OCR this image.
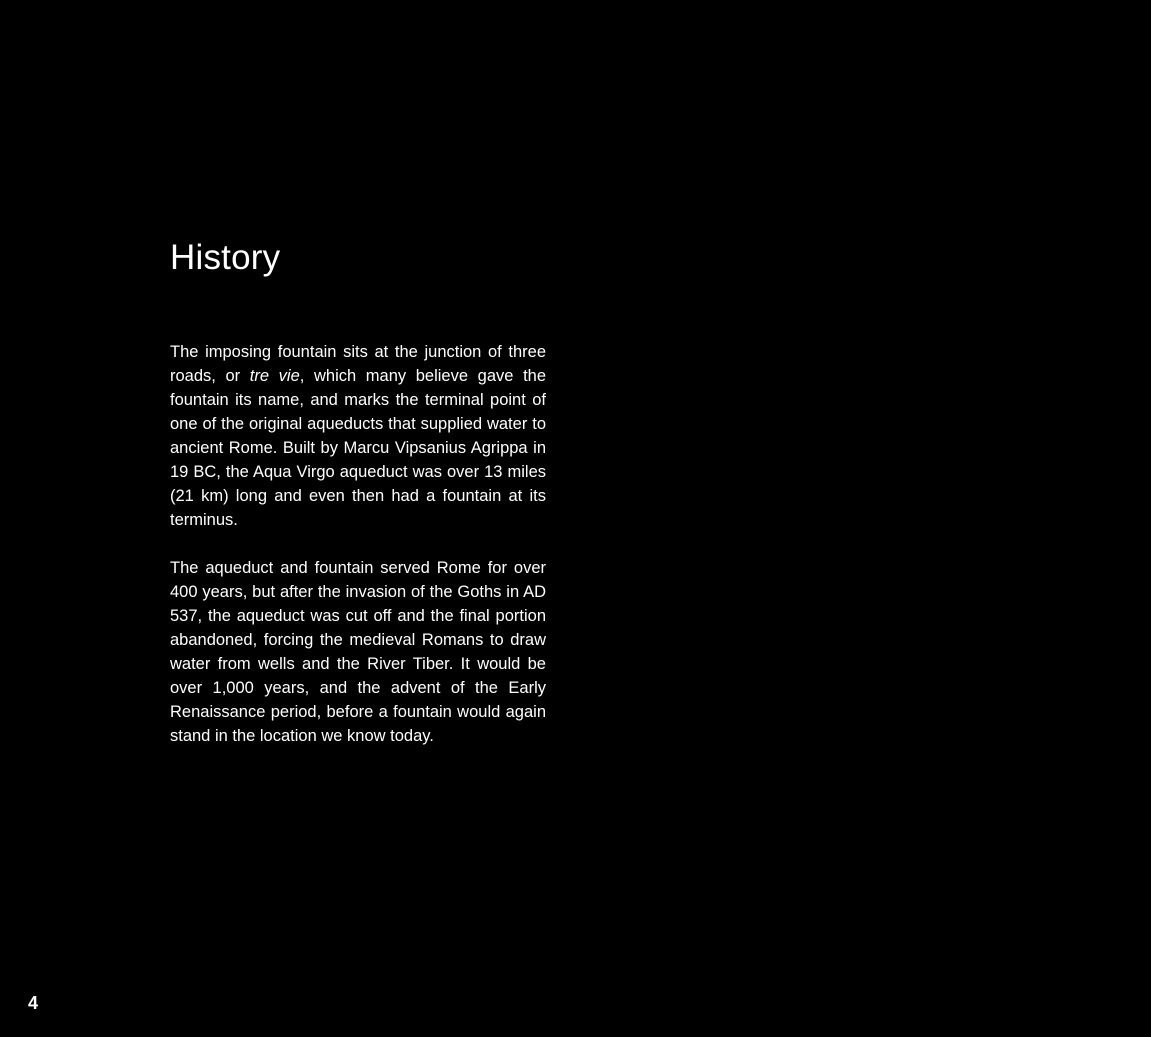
History

The imposing fountain sits at the junction of three roads, or tre vie, which many believe gave the fountain its name, and marks the terminal point of one of the original aqueducts that supplied water to ancient Rome. Built by Marcu Vipsanius Agrippa in 19 BC, the Aqua Virgo aqueduct was over 13 miles (21 km) long and even then had a fountain at its terminus.

The aqueduct and fountain served Rome for over 400 years, but after the invasion of the Goths in AD 537, the aqueduct was cut off and the final portion abandoned, forcing the medieval Romans to draw water from wells and the River Tiber. It would be over 1,000 years, and the advent of the Early Renaissance period, before a fountain would again stand in the location we know today.

4
